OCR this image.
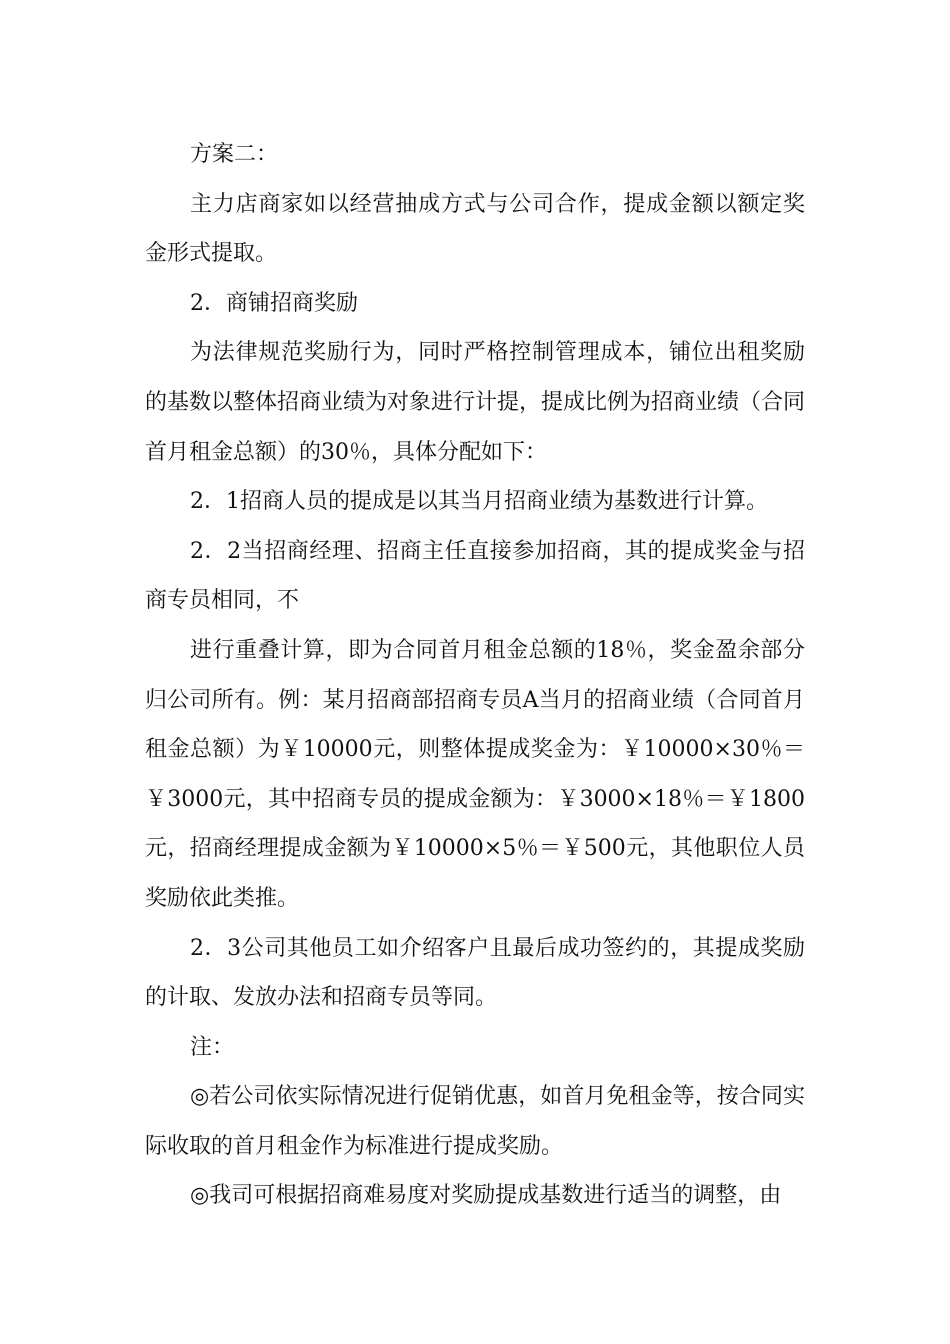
方案二：

主力店商家如以经营抽成方式与公司合作，提成金额以额定奖金形式提取。

2．商铺招商奖励

为法律规范奖励行为，同时严格控制管理成本，铺位出租奖励的基数以整体招商业绩为对象进行计提，提成比例为招商业绩（合同首月租金总额）的30％，具体分配如下：

2．1招商人员的提成是以其当月招商业绩为基数进行计算。

2．2当招商经理、招商主任直接参加招商，其的提成奖金与招商专员相同，不

进行重叠计算，即为合同首月租金总额的18％，奖金盈余部分归公司所有。例：某月招商部招商专员A当月的招商业绩（合同首月租金总额）为￥10000元，则整体提成奖金为：￥10000×30％＝￥3000元，其中招商专员的提成金额为：￥3000×18％＝￥1800元，招商经理提成金额为￥10000×5％＝￥500元，其他职位人员奖励依此类推。

2．3公司其他员工如介绍客户且最后成功签约的，其提成奖励的计取、发放办法和招商专员等同。

注：

◎若公司依实际情况进行促销优惠，如首月免租金等，按合同实际收取的首月租金作为标准进行提成奖励。

◎我司可根据招商难易度对奖励提成基数进行适当的调整，由
